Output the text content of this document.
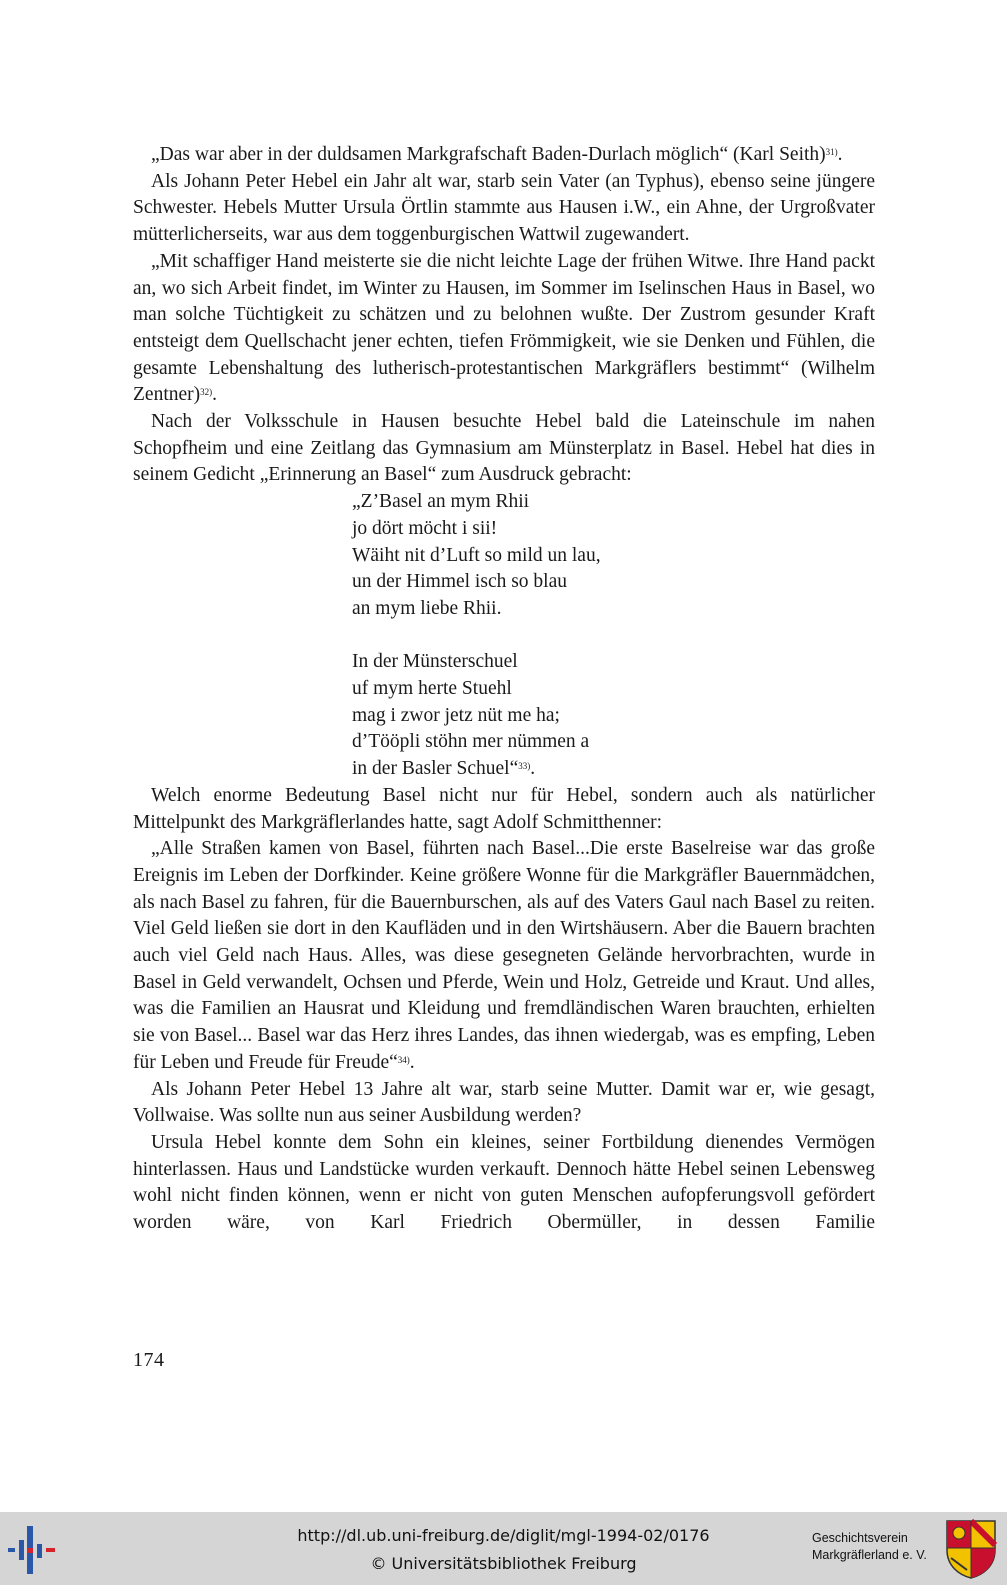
„Das war aber in der duldsamen Markgrafschaft Baden-Durlach möglich“ (Karl Seith)$^{31)}$.

Als Johann Peter Hebel ein Jahr alt war, starb sein Vater (an Typhus), ebenso seine jüngere Schwester. Hebels Mutter Ursula Örtlin stammte aus Hausen i.W., ein Ahne, der Urgroßvater mütterlicherseits, war aus dem toggenburgischen Wattwil zugewandert.

„Mit schaffiger Hand meisterte sie die nicht leichte Lage der frühen Witwe. Ihre Hand packt an, wo sich Arbeit findet, im Winter zu Hausen, im Sommer im Iselinschen Haus in Basel, wo man solche Tüchtigkeit zu schätzen und zu belohnen wußte. Der Zustrom gesunder Kraft entsteigt dem Quellschacht jener echten, tiefen Frömmigkeit, wie sie Denken und Fühlen, die gesamte Lebenshaltung des lutherisch-protestantischen Markgräflers bestimmt“ (Wilhelm Zentner)$^{32)}$.

Nach der Volksschule in Hausen besuchte Hebel bald die Lateinschule im nahen Schopfheim und eine Zeitlang das Gymnasium am Münsterplatz in Basel. Hebel hat dies in seinem Gedicht „Erinnerung an Basel“ zum Ausdruck gebracht:

„Z’Basel an mym Rhii
jo dört möcht i sii!
Wäiht nit d’Luft so mild un lau,
un der Himmel isch so blau
an mym liebe Rhii.
In der Münsterschuel
uf mym herte Stuehl
mag i zwor jetz nüt me ha;
d’Tööpli stöhn mer nümmen a
in der Basler Schuel“$^{33)}$.

Welch enorme Bedeutung Basel nicht nur für Hebel, sondern auch als natürlicher Mittelpunkt des Markgräflerlandes hatte, sagt Adolf Schmitthenner:

„Alle Straßen kamen von Basel, führten nach Basel...Die erste Baselreise war das große Ereignis im Leben der Dorfkinder. Keine größere Wonne für die Markgräfler Bauernmädchen, als nach Basel zu fahren, für die Bauernburschen, als auf des Vaters Gaul nach Basel zu reiten. Viel Geld ließen sie dort in den Kaufläden und in den Wirtshäusern. Aber die Bauern brachten auch viel Geld nach Haus. Alles, was diese gesegneten Gelände hervorbrachten, wurde in Basel in Geld verwandelt, Ochsen und Pferde, Wein und Holz, Getreide und Kraut. Und alles, was die Familien an Hausrat und Kleidung und fremdländischen Waren brauchten, erhielten sie von Basel... Basel war das Herz ihres Landes, das ihnen wiedergab, was es empfing, Leben für Leben und Freude für Freude“$^{34)}$.

Als Johann Peter Hebel 13 Jahre alt war, starb seine Mutter. Damit war er, wie gesagt, Vollwaise. Was sollte nun aus seiner Ausbildung werden?

Ursula Hebel konnte dem Sohn ein kleines, seiner Fortbildung dienendes Vermögen hinterlassen. Haus und Landstücke wurden verkauft. Dennoch hätte Hebel seinen Lebensweg wohl nicht finden können, wenn er nicht von guten Menschen aufopferungsvoll gefördert worden wäre, von Karl Friedrich Obermüller, in dessen Familie

174
http://dl.ub.uni-freiburg.de/diglit/mgl-1994-02/0176
© Universitätsbibliothek Freiburg
Geschichtsverein
Markgräflerland e. V.
